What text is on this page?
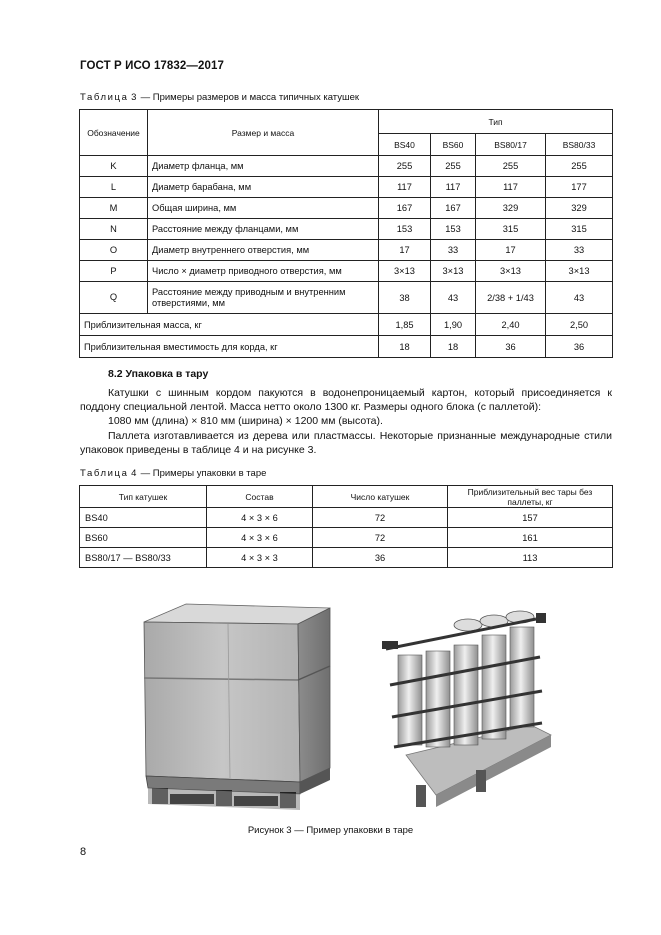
ГОСТ Р ИСО 17832—2017
Таблица 3 — Примеры размеров и масса типичных катушек
Обозначение	Размер и масса	Тип			
		BS40	BS60	BS80/17	BS80/33
K	Диаметр фланца, мм	255	255	255	255
L	Диаметр барабана, мм	117	117	117	177
M	Общая ширина, мм	167	167	329	329
N	Расстояние между фланцами, мм	153	153	315	315
O	Диаметр внутреннего отверстия, мм	17	33	17	33
P	Число × диаметр приводного отверстия, мм	3×13	3×13	3×13	3×13
Q	Расстояние между приводным и внутренним отверстиями, мм	38	43	2/38 + 1/43	43
Приблизительная масса, кг		1,85	1,90	2,40	2,50
Приблизительная вместимость для корда, кг		18	18	36	36
8.2 Упаковка в тару
Катушки с шинным кордом пакуются в водонепроницаемый картон, который присоединяется к поддону специальной лентой. Масса нетто около 1300 кг. Размеры одного блока (с паллетой):
1080 мм (длина) × 810 мм (ширина) × 1200 мм (высота).
Паллета изготавливается из дерева или пластмассы. Некоторые признанные международные стили упаковок приведены в таблице 4 и на рисунке 3.
Таблица 4 — Примеры упаковки в таре
Тип катушек	Состав	Число катушек	Приблизительный вес тары без паллеты, кг
BS40	4 × 3 × 6	72	157
BS60	4 × 3 × 6	72	161
BS80/17 — BS80/33	4 × 3 × 3	36	113
Рисунок 3 — Пример упаковки в таре
8
